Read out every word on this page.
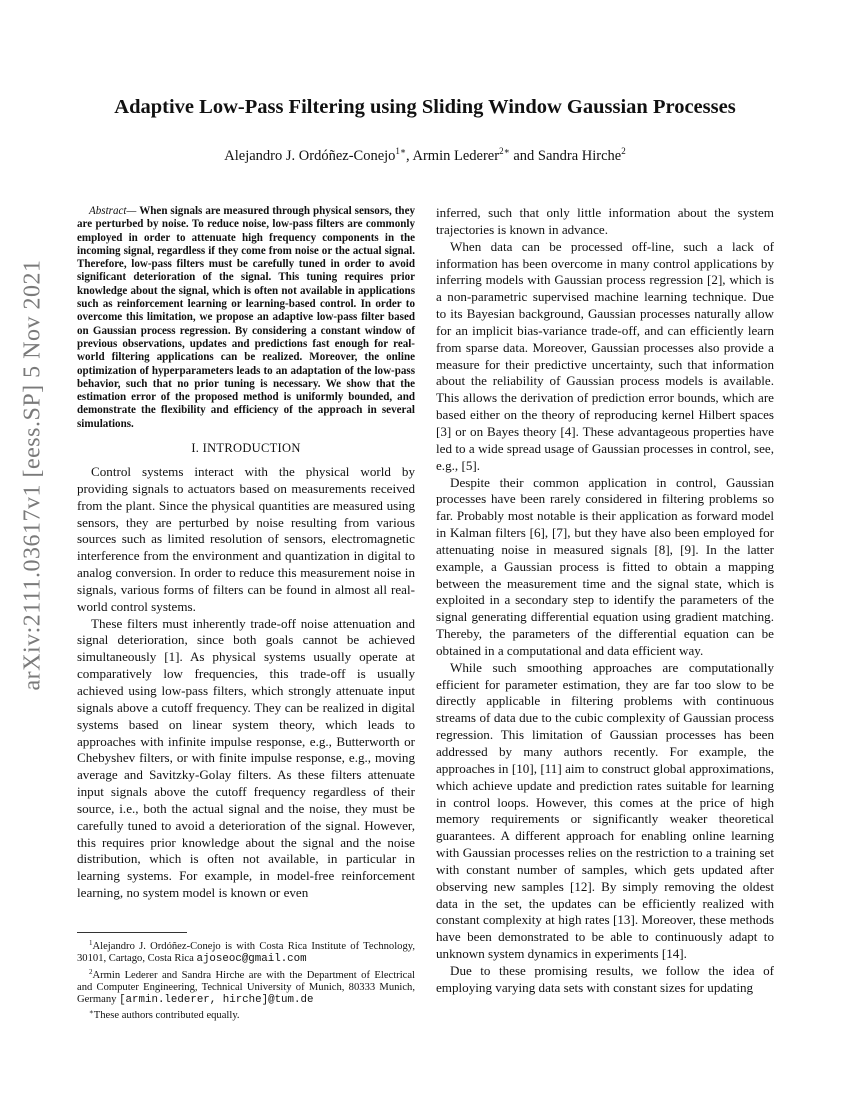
arXiv:2111.03617v1 [eess.SP] 5 Nov 2021
Adaptive Low-Pass Filtering using Sliding Window Gaussian Processes
Alejandro J. Ordóñez-Conejo$^{1∗}$, Armin Lederer$^{2∗}$ and Sandra Hirche$^2$

Abstract— When signals are measured through physical sensors, they are perturbed by noise. To reduce noise, low-pass filters are commonly employed in order to attenuate high frequency components in the incoming signal, regardless if they come from noise or the actual signal. Therefore, low-pass filters must be carefully tuned in order to avoid significant deterioration of the signal. This tuning requires prior knowledge about the signal, which is often not available in applications such as reinforcement learning or learning-based control. In order to overcome this limitation, we propose an adaptive low-pass filter based on Gaussian process regression. By considering a constant window of previous observations, updates and predictions fast enough for real-world filtering applications can be realized. Moreover, the online optimization of hyperparameters leads to an adaptation of the low-pass behavior, such that no prior tuning is necessary. We show that the estimation error of the proposed method is uniformly bounded, and demonstrate the flexibility and efficiency of the approach in several simulations.

I. INTRODUCTION

Control systems interact with the physical world by providing signals to actuators based on measurements received from the plant. Since the physical quantities are measured using sensors, they are perturbed by noise resulting from various sources such as limited resolution of sensors, electromagnetic interference from the environment and quantization in digital to analog conversion. In order to reduce this measurement noise in signals, various forms of filters can be found in almost all real-world control systems.

These filters must inherently trade-off noise attenuation and signal deterioration, since both goals cannot be achieved simultaneously [1]. As physical systems usually operate at comparatively low frequencies, this trade-off is usually achieved using low-pass filters, which strongly attenuate input signals above a cutoff frequency. They can be realized in digital systems based on linear system theory, which leads to approaches with infinite impulse response, e.g., Butterworth or Chebyshev filters, or with finite impulse response, e.g., moving average and Savitzky-Golay filters. As these filters attenuate input signals above the cutoff frequency regardless of their source, i.e., both the actual signal and the noise, they must be carefully tuned to avoid a deterioration of the signal. However, this requires prior knowledge about the signal and the noise distribution, which is often not available, in particular in learning systems. For example, in model-free reinforcement learning, no system model is known or even

$^1$Alejandro J. Ordóñez-Conejo is with Costa Rica Institute of Technology, 30101, Cartago, Costa Rica ajoseoc@gmail.com

$^2$Armin Lederer and Sandra Hirche are with the Department of Electrical and Computer Engineering, Technical University of Munich, 80333 Munich, Germany [armin.lederer, hirche]@tum.de

∗These authors contributed equally.

inferred, such that only little information about the system trajectories is known in advance.

When data can be processed off-line, such a lack of information has been overcome in many control applications by inferring models with Gaussian process regression [2], which is a non-parametric supervised machine learning technique. Due to its Bayesian background, Gaussian processes naturally allow for an implicit bias-variance trade-off, and can efficiently learn from sparse data. Moreover, Gaussian processes also provide a measure for their predictive uncertainty, such that information about the reliability of Gaussian process models is available. This allows the derivation of prediction error bounds, which are based either on the theory of reproducing kernel Hilbert spaces [3] or on Bayes theory [4]. These advantageous properties have led to a wide spread usage of Gaussian processes in control, see, e.g., [5].

Despite their common application in control, Gaussian processes have been rarely considered in filtering problems so far. Probably most notable is their application as forward model in Kalman filters [6], [7], but they have also been employed for attenuating noise in measured signals [8], [9]. In the latter example, a Gaussian process is fitted to obtain a mapping between the measurement time and the signal state, which is exploited in a secondary step to identify the parameters of the signal generating differential equation using gradient matching. Thereby, the parameters of the differential equation can be obtained in a computational and data efficient way.

While such smoothing approaches are computationally efficient for parameter estimation, they are far too slow to be directly applicable in filtering problems with continuous streams of data due to the cubic complexity of Gaussian process regression. This limitation of Gaussian processes has been addressed by many authors recently. For example, the approaches in [10], [11] aim to construct global approximations, which achieve update and prediction rates suitable for learning in control loops. However, this comes at the price of high memory requirements or significantly weaker theoretical guarantees. A different approach for enabling online learning with Gaussian processes relies on the restriction to a training set with constant number of samples, which gets updated after observing new samples [12]. By simply removing the oldest data in the set, the updates can be efficiently realized with constant complexity at high rates [13]. Moreover, these methods have been demonstrated to be able to continuously adapt to unknown system dynamics in experiments [14].

Due to these promising results, we follow the idea of employing varying data sets with constant sizes for updating
